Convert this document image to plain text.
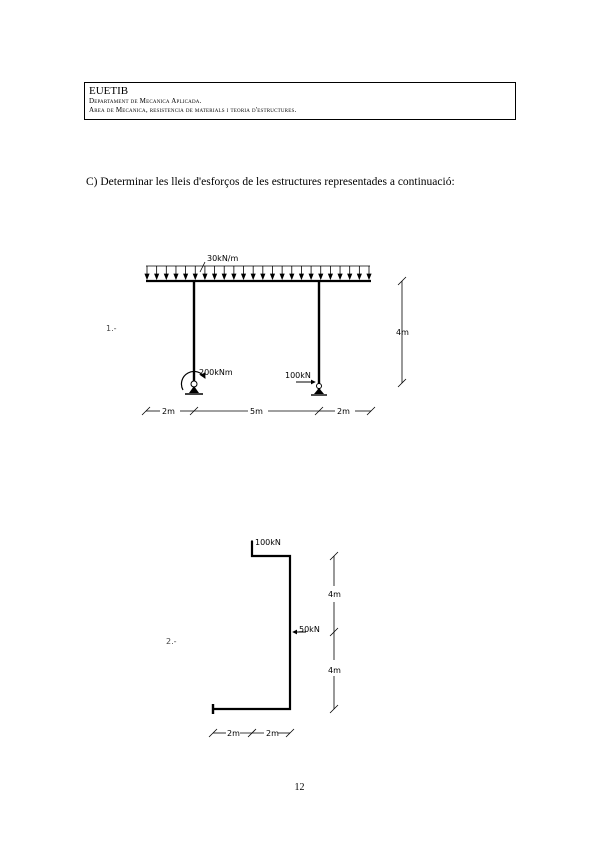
EUETIB
Departament de Mecanica Aplicada.
Area de Mecanica, resistencia de materials i teoria d'estructures.
C) Determinar les lleis d'esforços de les estructures representades a continuació:
1.-
30kN/m
200kNm	100kN
4m
2m	5m	2m
2.-
100kN
50kN
4m
4m
2m	2m
12
